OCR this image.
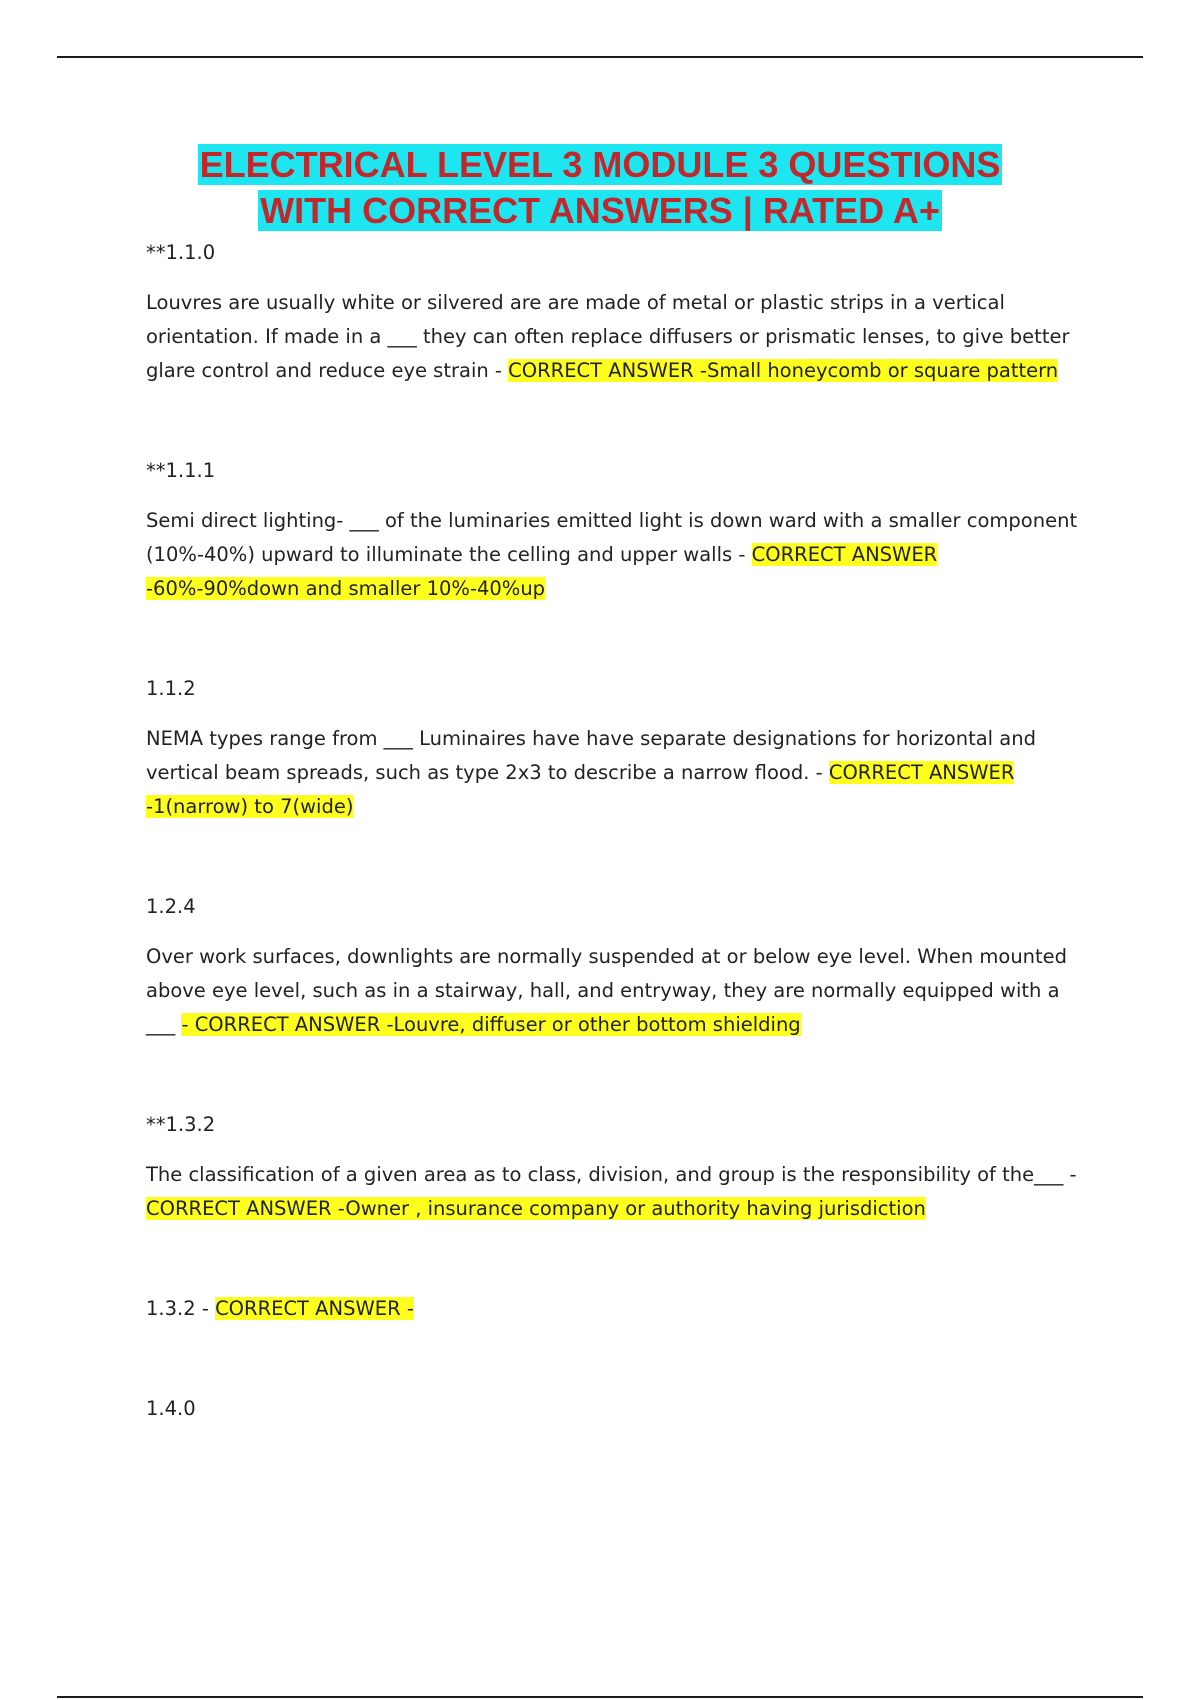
ELECTRICAL LEVEL 3 MODULE 3 QUESTIONS
WITH CORRECT ANSWERS | RATED A+

**1.1.0

Louvres are usually white or silvered are are made of metal or plastic strips in a vertical orientation. If made in a ___ they can often replace diffusers or prismatic lenses, to give better glare control and reduce eye strain - CORRECT ANSWER -Small honeycomb or square pattern

**1.1.1

Semi direct lighting- ___ of the luminaries emitted light is down ward with a smaller component (10%-40%) upward to illuminate the celling and upper walls - CORRECT ANSWER -60%-90%down and smaller 10%-40%up

1.1.2

NEMA types range from ___ Luminaires have have separate designations for horizontal and vertical beam spreads, such as type 2x3 to describe a narrow flood. - CORRECT ANSWER -1(narrow) to 7(wide)

1.2.4

Over work surfaces, downlights are normally suspended at or below eye level. When mounted above eye level, such as in a stairway, hall, and entryway, they are normally equipped with a ___ - CORRECT ANSWER -Louvre, diffuser or other bottom shielding

**1.3.2

The classification of a given area as to class, division, and group is the responsibility of the___ - CORRECT ANSWER -Owner , insurance company or authority having jurisdiction

1.3.2 - CORRECT ANSWER -

1.4.0
